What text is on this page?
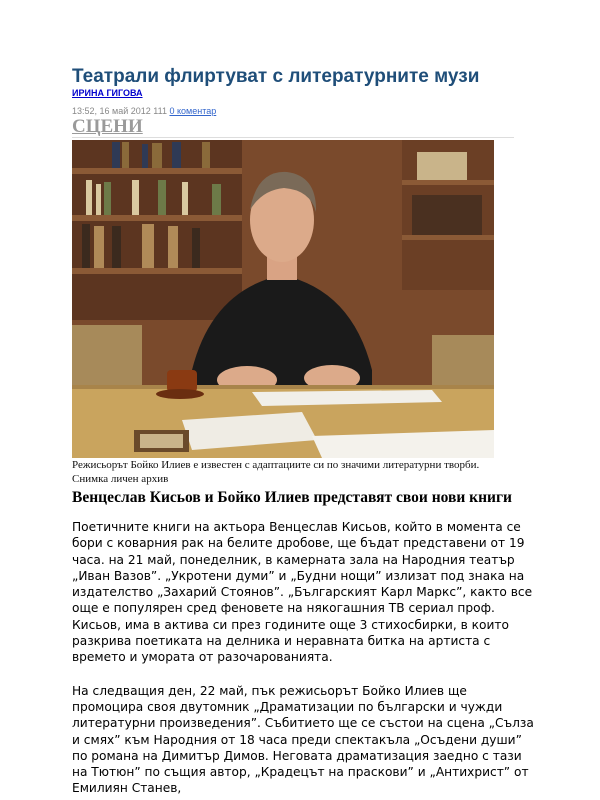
Театрали флиртуват с литературните музи
ИРИНА ГИГОВА
13:52, 16 май 2012 111 0 коментар
СЦЕНИ
Режисьорът Бойко Илиев е известен с адаптациите си по значими литературни творби. Снимка личен архив
Венцеслав Кисьов и Бойко Илиев представят свои нови книги

Поетичните книги на актьора Венцеслав Кисьов, който в момента се бори с коварния рак на белите дробове, ще бъдат представени от 19 часа. на 21 май, понеделник, в камерната зала на Народния театър „Иван Вазов”. „Укротени думи” и „Будни нощи” излизат под знака на издателство „Захарий Стоянов”. „Българският Карл Маркс”, както все още е популярен сред феновете на някогашния ТВ сериал проф. Кисьов, има в актива си през годините още 3 стихосбирки, в които разкрива поетиката на делника и неравната битка на артиста с времето и умората от разочарованията.

На следващия ден, 22 май, пък режисьорът Бойко Илиев ще промоцира своя двутомник „Драматизации по български и чужди литературни произведения”. Събитието ще се състои на сцена „Сълза и смях” към Народния от 18 часа преди спектакъла „Осъдени души” по романа на Димитър Димов. Неговата драматизация заедно с тази на Тютюн” по същия автор, „Крадецът на праскови” и „Антихрист” от Емилиян Станев,
